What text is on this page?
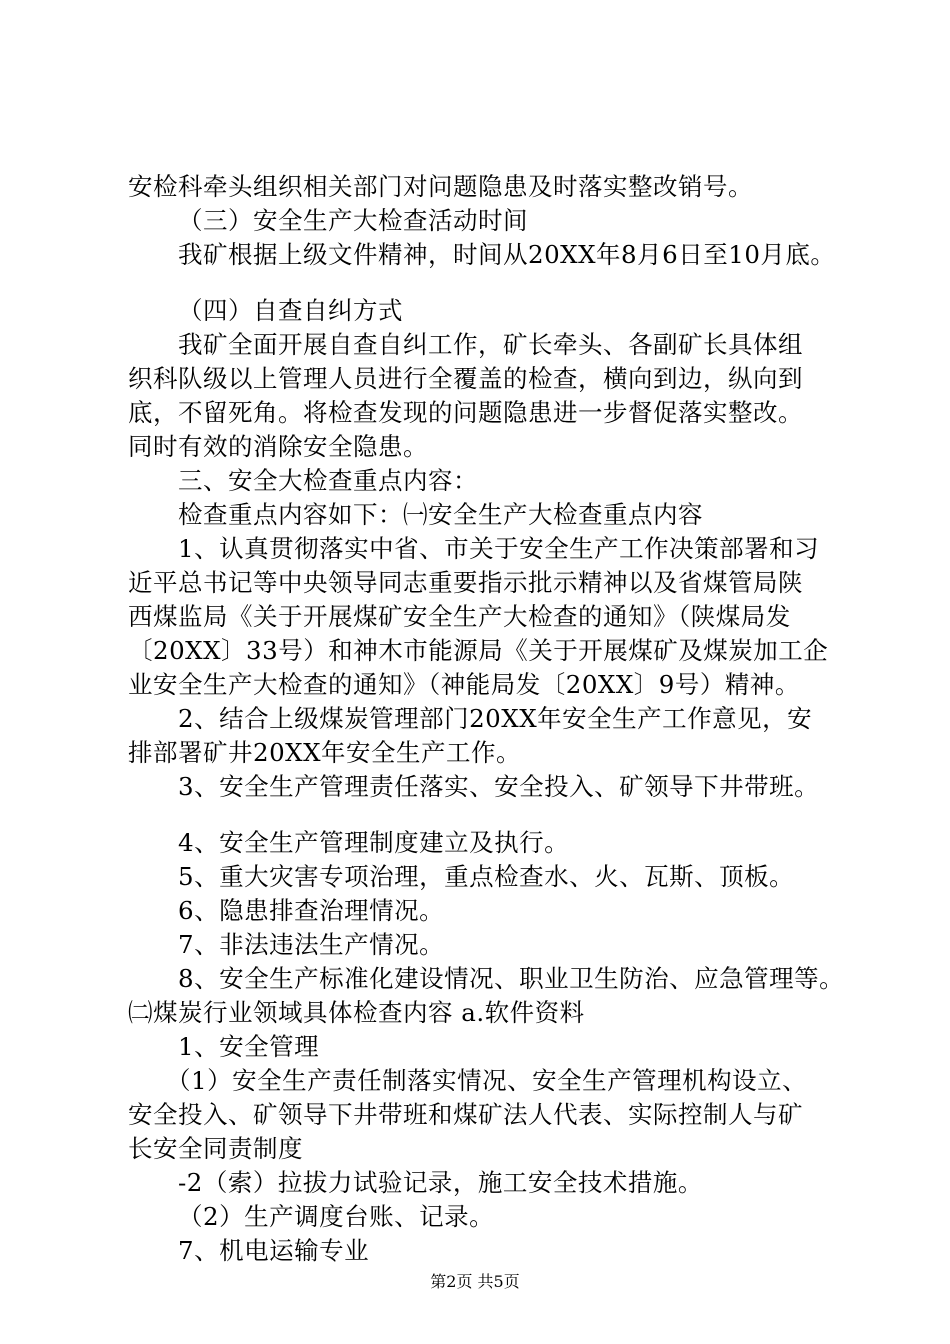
安检科牵头组织相关部门对问题隐患及时落实整改销号。
（三）安全生产大检查活动时间
我矿根据上级文件精神，时间从20XX年8月6日至10月底。
（四）自查自纠方式
我矿全面开展自查自纠工作，矿长牵头、各副矿长具体组
织科队级以上管理人员进行全覆盖的检查，横向到边，纵向到
底，不留死角。将检查发现的问题隐患进一步督促落实整改。
同时有效的消除安全隐患。
三、安全大检查重点内容：
检查重点内容如下：㈠安全生产大检查重点内容
1、认真贯彻落实中省、市关于安全生产工作决策部署和习
近平总书记等中央领导同志重要指示批示精神以及省煤管局陕
西煤监局《关于开展煤矿安全生产大检查的通知》（陕煤局发
〔20XX〕33号）和神木市能源局《关于开展煤矿及煤炭加工企
业安全生产大检查的通知》（神能局发〔20XX〕9号）精神。
2、结合上级煤炭管理部门20XX年安全生产工作意见，安
排部署矿井20XX年安全生产工作。
3、安全生产管理责任落实、安全投入、矿领导下井带班。
4、安全生产管理制度建立及执行。
5、重大灾害专项治理，重点检查水、火、瓦斯、顶板。
6、隐患排查治理情况。
7、非法违法生产情况。
8、安全生产标准化建设情况、职业卫生防治、应急管理等。
㈡煤炭行业领域具体检查内容 a.软件资料
1、安全管理
（1）安全生产责任制落实情况、安全生产管理机构设立、
安全投入、矿领导下井带班和煤矿法人代表、实际控制人与矿
长安全同责制度
-2（索）拉拔力试验记录，施工安全技术措施。
（2）生产调度台账、记录。
7、机电运输专业
第2页 共5页
